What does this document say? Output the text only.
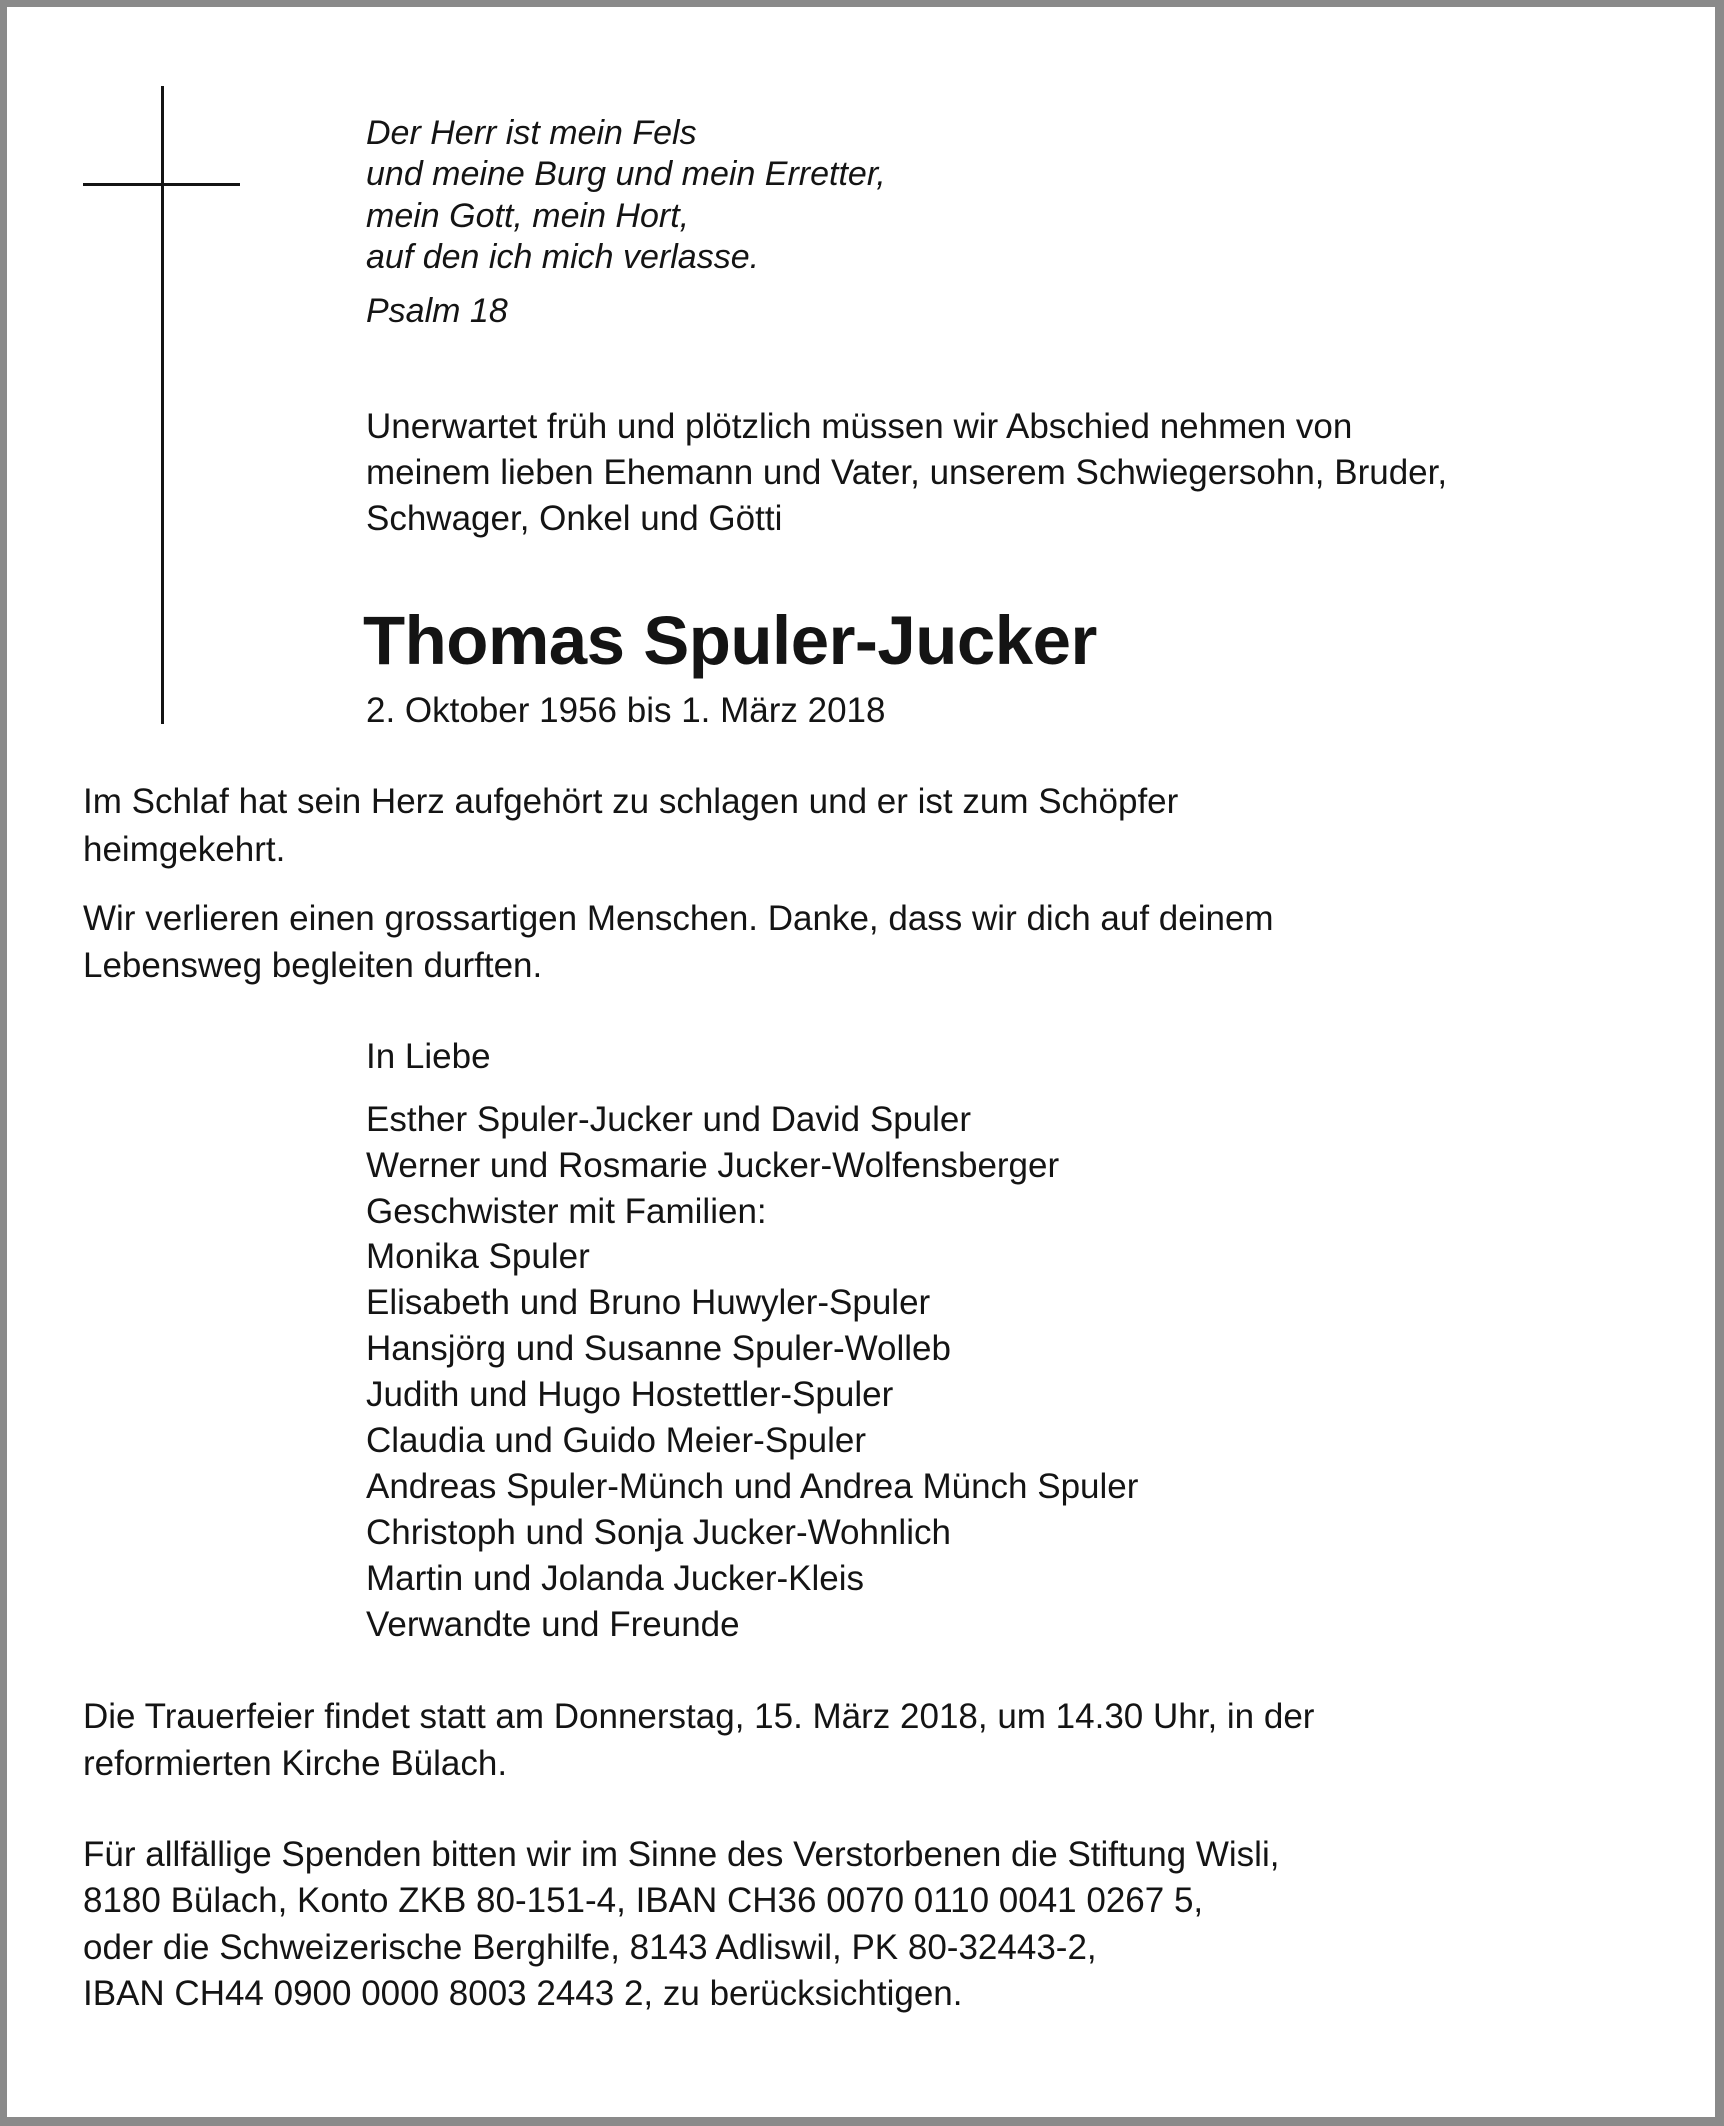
Der Herr ist mein Fels

und meine Burg und mein Erretter,

mein Gott, mein Hort,

auf den ich mich verlasse.

Psalm 18

Unerwartet früh und plötzlich müssen wir Abschied nehmen von

meinem lieben Ehemann und Vater, unserem Schwiegersohn, Bruder,

Schwager, Onkel und Götti

Thomas Spuler-Jucker

2. Oktober 1956 bis 1. März 2018

Im Schlaf hat sein Herz aufgehört zu schlagen und er ist zum Schöpfer

heimgekehrt.

Wir verlieren einen grossartigen Menschen. Danke, dass wir dich auf deinem

Lebensweg begleiten durften.

In Liebe

Esther Spuler-Jucker und David Spuler

Werner und Rosmarie Jucker-Wolfensberger

Geschwister mit Familien:

Monika Spuler

Elisabeth und Bruno Huwyler-Spuler

Hansjörg und Susanne Spuler-Wolleb

Judith und Hugo Hostettler-Spuler

Claudia und Guido Meier-Spuler

Andreas Spuler-Münch und Andrea Münch Spuler

Christoph und Sonja Jucker-Wohnlich

Martin und Jolanda Jucker-Kleis

Verwandte und Freunde

Die Trauerfeier findet statt am Donnerstag, 15. März 2018, um 14.30 Uhr, in der

reformierten Kirche Bülach.

Für allfällige Spenden bitten wir im Sinne des Verstorbenen die Stiftung Wisli,

8180 Bülach, Konto ZKB 80-151-4, IBAN CH36 0070 0110 0041 0267 5,

oder die Schweizerische Berghilfe, 8143 Adliswil, PK 80-32443-2,

IBAN CH44 0900 0000 8003 2443 2, zu berücksichtigen.
